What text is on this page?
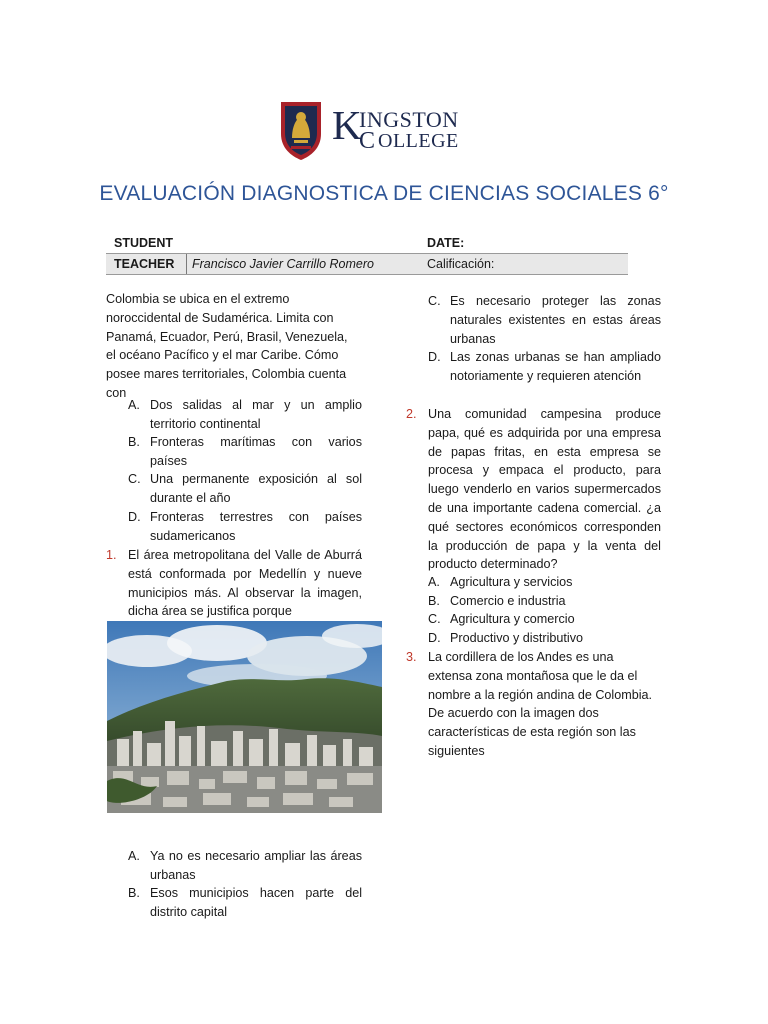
K
INGSTON
C OLLEGE
EVALUACIÓN DIAGNOSTICA DE CIENCIAS SOCIALES 6°
STUDENT	DATE:
TEACHER Francisco Javier Carrillo Romero	Calificación:
Colombia se ubica en el extremo noroccidental de Sudamérica. Limita con Panamá, Ecuador, Perú, Brasil, Venezuela, el océano Pacífico y el mar Caribe. Cómo posee mares territoriales, Colombia cuenta con
A. Dos salidas al mar y un amplio territorio continental
B. Fronteras marítimas con varios países
C. Una permanente exposición al sol durante el año
D. Fronteras terrestres con países sudamericanos
1. El área metropolitana del Valle de Aburrá está conformada por Medellín y nueve municipios más. Al observar la imagen, dicha área se justifica porque
A. Ya no es necesario ampliar las áreas urbanas
B. Esos municipios hacen parte del distrito capital
C. Es necesario proteger las zonas naturales existentes en estas áreas urbanas
D. Las zonas urbanas se han ampliado notoriamente y requieren atención
2. Una comunidad campesina produce papa, qué es adquirida por una empresa de papas fritas, en esta empresa se procesa y empaca el producto, para luego venderlo en varios supermercados de una importante cadena comercial. ¿a qué sectores económicos corresponden la producción de papa y la venta del producto determinado?
A. Agricultura y servicios
B. Comercio e industria
C. Agricultura y comercio
D. Productivo y distributivo
3. La cordillera de los Andes es una extensa zona montañosa que le da el nombre a la región andina de Colombia. De acuerdo con la imagen dos características de esta región son las siguientes
